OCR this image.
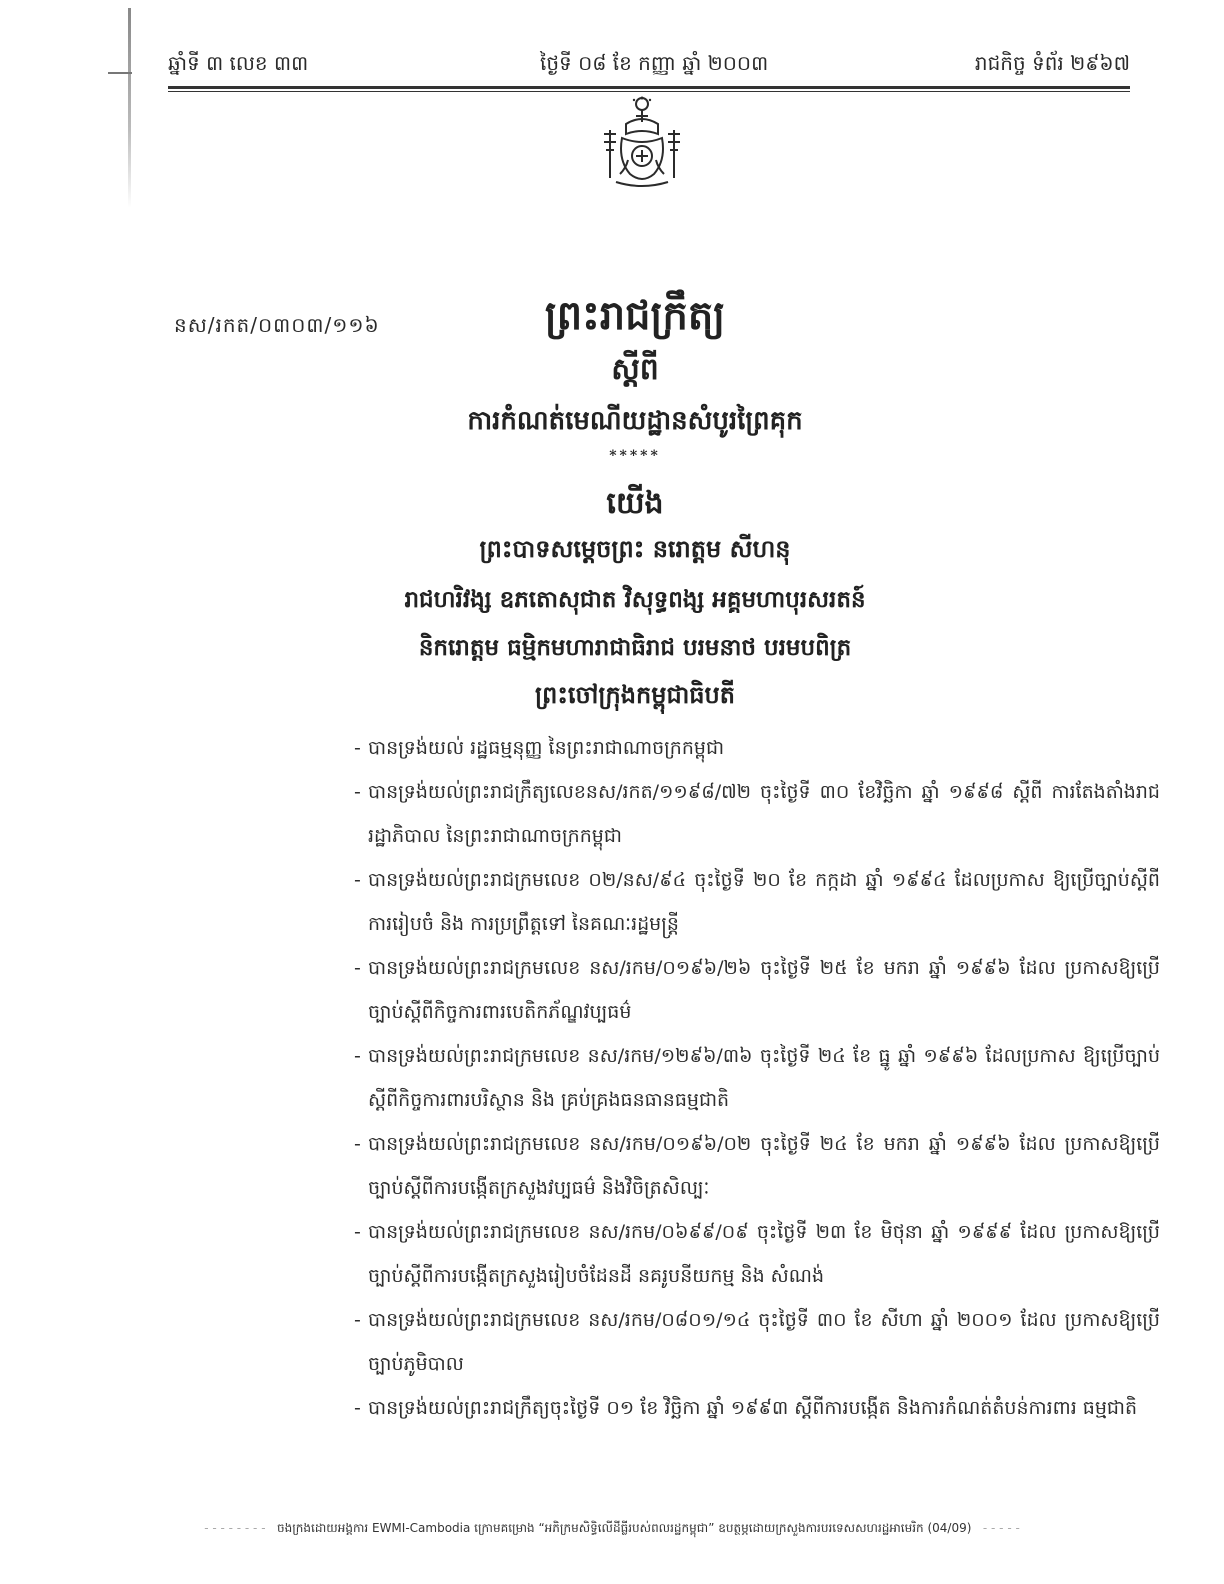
ឆ្នាំទី ៣ លេខ ៣៣	ថ្ងៃទី ០៨ ខែ កញ្ញា ឆ្នាំ ២០០៣	រាជកិច្ច ទំព័រ ២៩៦៧
នស/រកត/០៣០៣/១១៦	ព្រះរាជក្រឹត្យ
ស្ដីពី
ការកំណត់មេណីយដ្ឋានសំបូរព្រៃគុក
*****
យើង
ព្រះបាទសម្ដេចព្រះ នរោត្តម សីហនុ
រាជហរិវង្ស ឧភតោសុជាត វិសុទ្ធពង្ស អគ្គមហាបុរសរតន៍
និករោត្តម ធម្មិកមហារាជាធិរាជ បរមនាថ បរមបពិត្រ
ព្រះចៅក្រុងកម្ពុជាធិបតី
- បានទ្រង់យល់ រដ្ឋធម្មនុញ្ញ នៃព្រះរាជាណាចក្រកម្ពុជា
- បានទ្រង់យល់ព្រះរាជក្រឹត្យលេខនស/រកត/១១៩៨/៧២ ចុះថ្ងៃទី ៣០ ខែវិច្ឆិកា ឆ្នាំ ១៩៩៨ ស្ដីពី ការតែងតាំងរាជរដ្ឋាភិបាល នៃព្រះរាជាណាចក្រកម្ពុជា
- បានទ្រង់យល់ព្រះរាជក្រមលេខ ០២/នស/៩៤ ចុះថ្ងៃទី ២០ ខែ កក្កដា ឆ្នាំ ១៩៩៤ ដែលប្រកាស ឱ្យប្រើច្បាប់ស្ដីពីការរៀបចំ និង ការប្រព្រឹត្តទៅ នៃគណៈរដ្ឋមន្ត្រី
- បានទ្រង់យល់ព្រះរាជក្រមលេខ នស/រកម/០១៩៦/២៦ ចុះថ្ងៃទី ២៥ ខែ មករា ឆ្នាំ ១៩៩៦ ដែល ប្រកាសឱ្យប្រើច្បាប់ស្ដីពីកិច្ចការពារបេតិកភ័ណ្ឌវប្បធម៌
- បានទ្រង់យល់ព្រះរាជក្រមលេខ នស/រកម/១២៩៦/៣៦ ចុះថ្ងៃទី ២៤ ខែ ធ្នូ ឆ្នាំ ១៩៩៦ ដែលប្រកាស ឱ្យប្រើច្បាប់ស្ដីពីកិច្ចការពារបរិស្ថាន និង គ្រប់គ្រងធនធានធម្មជាតិ
- បានទ្រង់យល់ព្រះរាជក្រមលេខ នស/រកម/០១៩៦/០២ ចុះថ្ងៃទី ២៤ ខែ មករា ឆ្នាំ ១៩៩៦ ដែល ប្រកាសឱ្យប្រើច្បាប់ស្ដីពីការបង្កើតក្រសួងវប្បធម៌ និងវិចិត្រសិល្បៈ
- បានទ្រង់យល់ព្រះរាជក្រមលេខ នស/រកម/០៦៩៩/០៩ ចុះថ្ងៃទី ២៣ ខែ មិថុនា ឆ្នាំ ១៩៩៩ ដែល ប្រកាសឱ្យប្រើច្បាប់ស្ដីពីការបង្កើតក្រសួងរៀបចំដែនដី នគរូបនីយកម្ម និង សំណង់
- បានទ្រង់យល់ព្រះរាជក្រមលេខ នស/រកម/០៨០១/១៤ ចុះថ្ងៃទី ៣០ ខែ សីហា ឆ្នាំ ២០០១ ដែល ប្រកាសឱ្យប្រើច្បាប់ភូមិបាល
- បានទ្រង់យល់ព្រះរាជក្រឹត្យចុះថ្ងៃទី ០១ ខែ វិច្ឆិកា ឆ្នាំ ១៩៩៣ ស្ដីពីការបង្កើត និងការកំណត់តំបន់ការពារ ធម្មជាតិ
- - - - - - - -   ចងក្រងដោយអង្គការ EWMI-Cambodia ក្រោមគម្រោង “អភិក្រមសិទ្ធិលើដីធ្លីរបស់ពលរដ្ឋកម្ពុជា” ឧបត្ថម្ភដោយក្រសួងការបរទេសសហរដ្ឋអាមេរិក (04/09)   - - - - -
